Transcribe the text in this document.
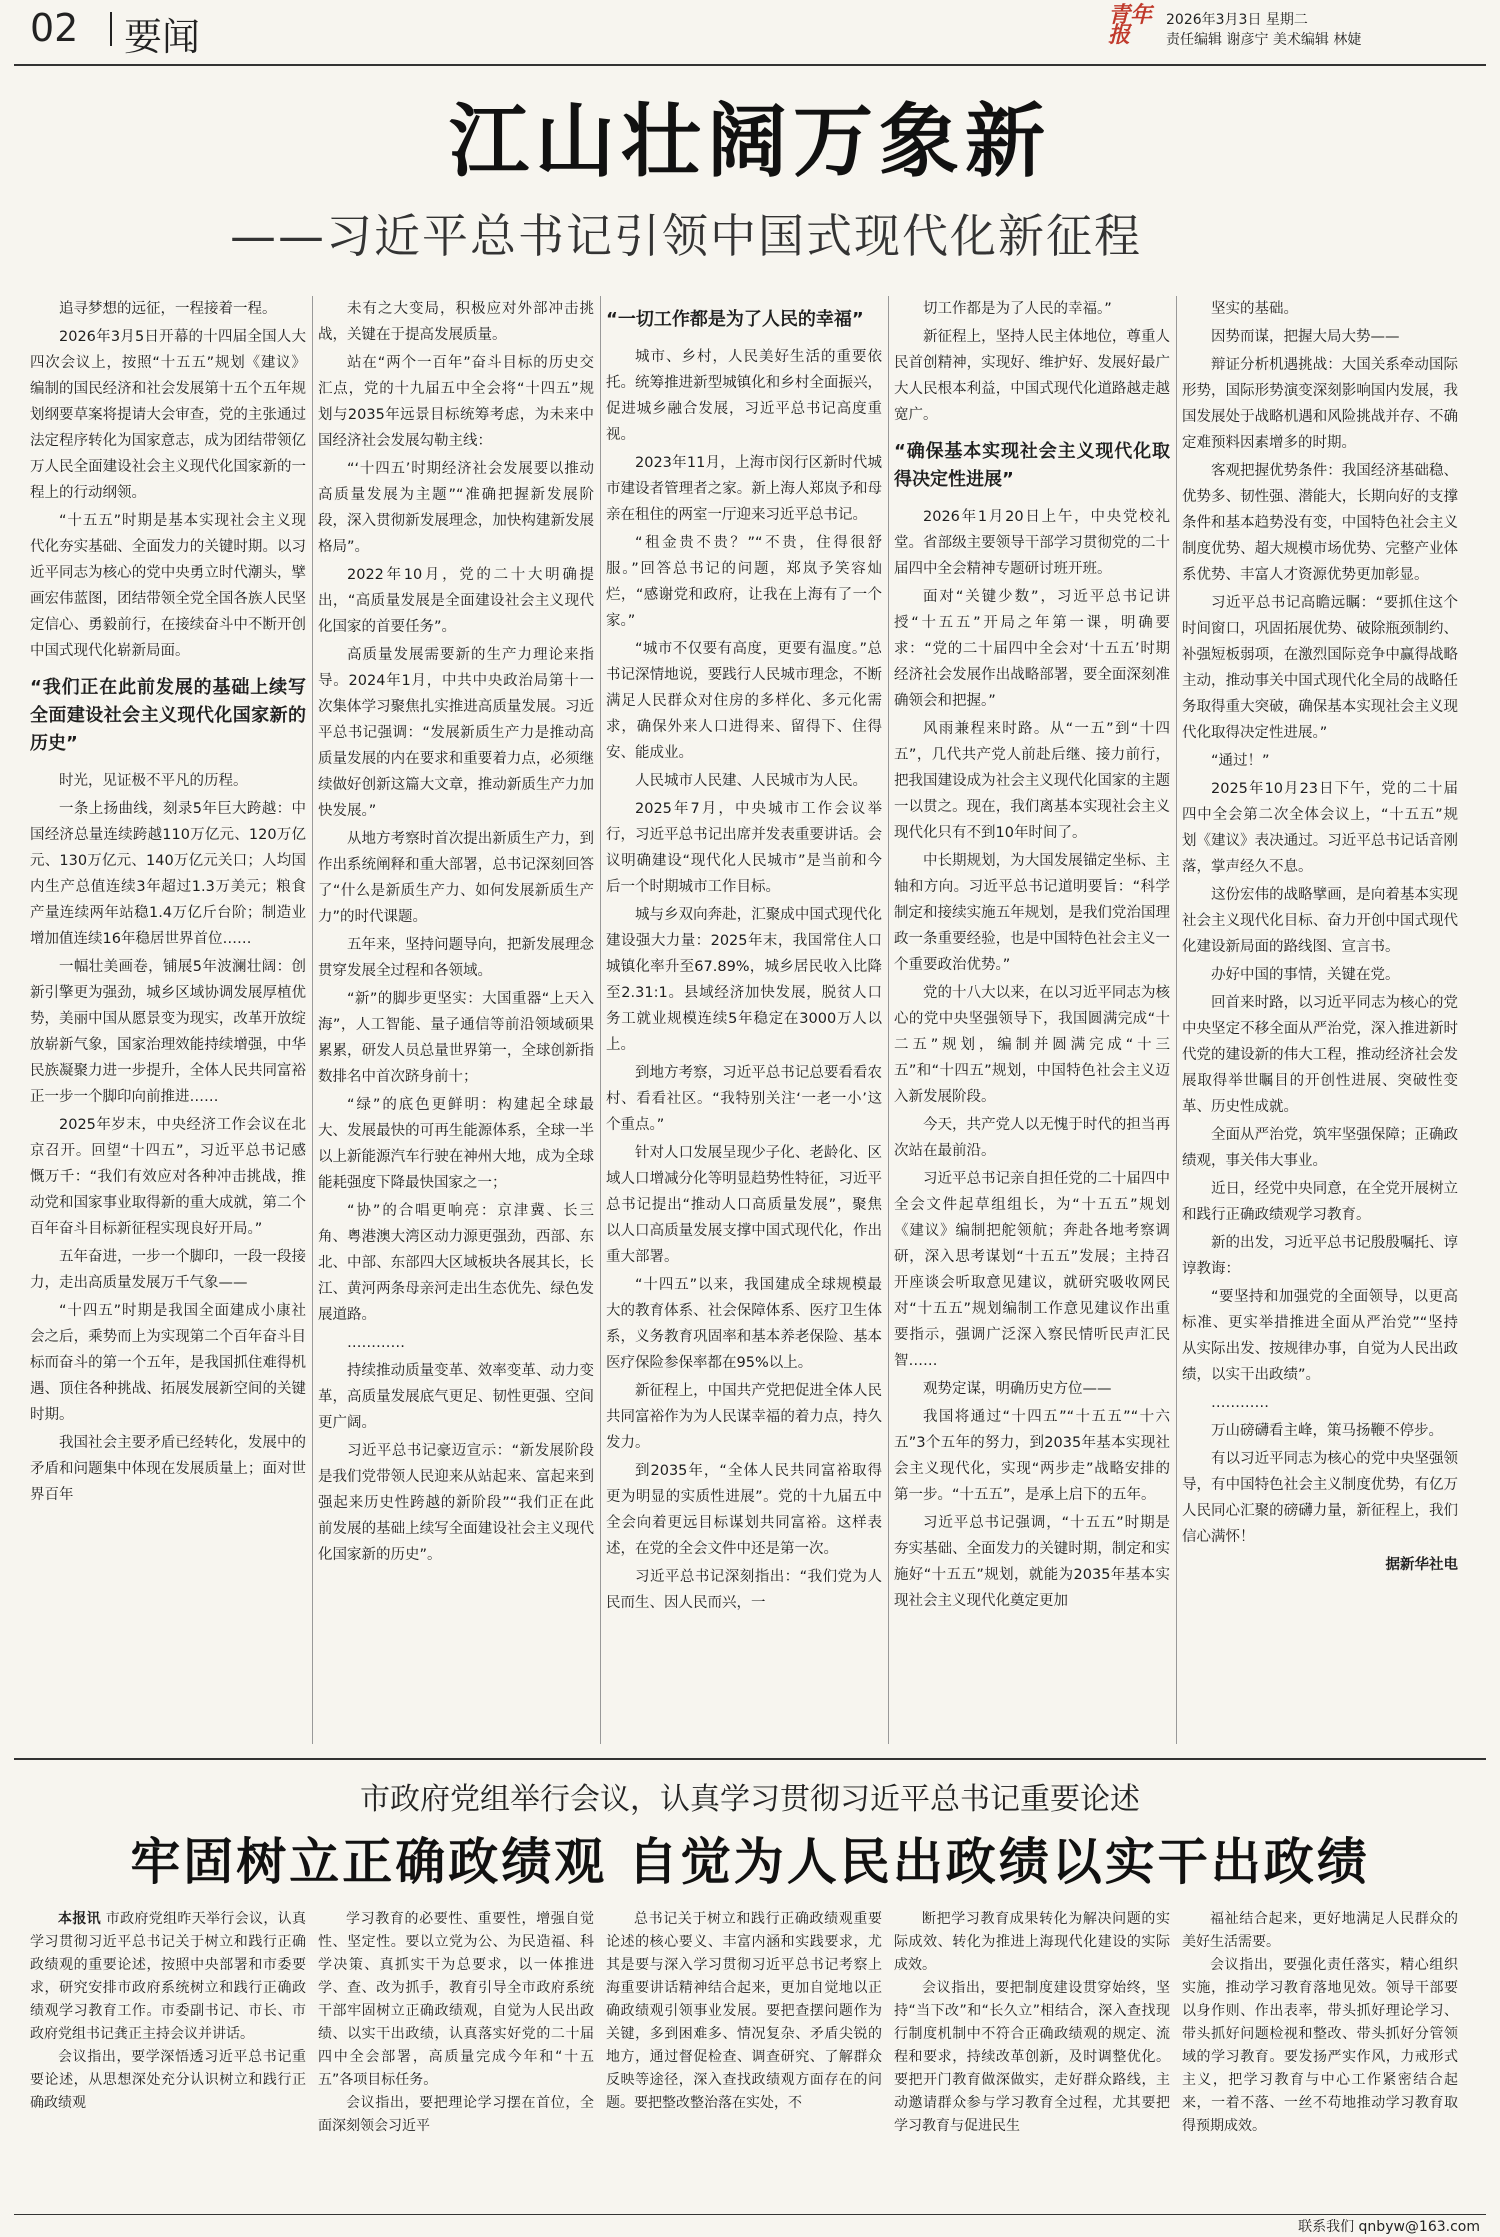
02 要闻	青年报
2026年3月3日 星期二
责任编辑 谢彦宁 美术编辑 林婕
江山壮阔万象新
——习近平总书记引领中国式现代化新征程

追寻梦想的远征，一程接着一程。

2026年3月5日开幕的十四届全国人大四次会议上，按照“十五五”规划《建议》编制的国民经济和社会发展第十五个五年规划纲要草案将提请大会审查，党的主张通过法定程序转化为国家意志，成为团结带领亿万人民全面建设社会主义现代化国家新的一程上的行动纲领。

“十五五”时期是基本实现社会主义现代化夯实基础、全面发力的关键时期。以习近平同志为核心的党中央勇立时代潮头，擘画宏伟蓝图，团结带领全党全国各族人民坚定信心、勇毅前行，在接续奋斗中不断开创中国式现代化崭新局面。

“我们正在此前发展的基础上续写全面建设社会主义现代化国家新的历史”

时光，见证极不平凡的历程。

一条上扬曲线，刻录5年巨大跨越：中国经济总量连续跨越110万亿元、120万亿元、130万亿元、140万亿元关口；人均国内生产总值连续3年超过1.3万美元；粮食产量连续两年站稳1.4万亿斤台阶；制造业增加值连续16年稳居世界首位……

一幅壮美画卷，铺展5年波澜壮阔：创新引擎更为强劲，城乡区域协调发展厚植优势，美丽中国从愿景变为现实，改革开放绽放崭新气象，国家治理效能持续增强，中华民族凝聚力进一步提升，全体人民共同富裕正一步一个脚印向前推进……

2025年岁末，中央经济工作会议在北京召开。回望“十四五”，习近平总书记感慨万千：“我们有效应对各种冲击挑战，推动党和国家事业取得新的重大成就，第二个百年奋斗目标新征程实现良好开局。”

五年奋进，一步一个脚印，一段一段接力，走出高质量发展万千气象——

“十四五”时期是我国全面建成小康社会之后，乘势而上为实现第二个百年奋斗目标而奋斗的第一个五年，是我国抓住难得机遇、顶住各种挑战、拓展发展新空间的关键时期。

我国社会主要矛盾已经转化，发展中的矛盾和问题集中体现在发展质量上；面对世界百年

未有之大变局，积极应对外部冲击挑战，关键在于提高发展质量。

站在“两个一百年”奋斗目标的历史交汇点，党的十九届五中全会将“十四五”规划与2035年远景目标统筹考虑，为未来中国经济社会发展勾勒主线：

“‘十四五’时期经济社会发展要以推动高质量发展为主题”“准确把握新发展阶段，深入贯彻新发展理念，加快构建新发展格局”。

2022年10月，党的二十大明确提出，“高质量发展是全面建设社会主义现代化国家的首要任务”。

高质量发展需要新的生产力理论来指导。2024年1月，中共中央政治局第十一次集体学习聚焦扎实推进高质量发展。习近平总书记强调：“发展新质生产力是推动高质量发展的内在要求和重要着力点，必须继续做好创新这篇大文章，推动新质生产力加快发展。”

从地方考察时首次提出新质生产力，到作出系统阐释和重大部署，总书记深刻回答了“什么是新质生产力、如何发展新质生产力”的时代课题。

五年来，坚持问题导向，把新发展理念贯穿发展全过程和各领域。

“新”的脚步更坚实：大国重器“上天入海”，人工智能、量子通信等前沿领域硕果累累，研发人员总量世界第一，全球创新指数排名中首次跻身前十；

“绿”的底色更鲜明：构建起全球最大、发展最快的可再生能源体系，全球一半以上新能源汽车行驶在神州大地，成为全球能耗强度下降最快国家之一；

“协”的合唱更响亮：京津冀、长三角、粤港澳大湾区动力源更强劲，西部、东北、中部、东部四大区域板块各展其长，长江、黄河两条母亲河走出生态优先、绿色发展道路。

…………

持续推动质量变革、效率变革、动力变革，高质量发展底气更足、韧性更强、空间更广阔。

习近平总书记豪迈宣示：“新发展阶段是我们党带领人民迎来从站起来、富起来到强起来历史性跨越的新阶段”“我们正在此前发展的基础上续写全面建设社会主义现代化国家新的历史”。

“一切工作都是为了人民的幸福”

城市、乡村，人民美好生活的重要依托。统筹推进新型城镇化和乡村全面振兴，促进城乡融合发展，习近平总书记高度重视。

2023年11月，上海市闵行区新时代城市建设者管理者之家。新上海人郑岚予和母亲在租住的两室一厅迎来习近平总书记。

“租金贵不贵？”“不贵，住得很舒服。”回答总书记的问题，郑岚予笑容灿烂，“感谢党和政府，让我在上海有了一个家。”

“城市不仅要有高度，更要有温度。”总书记深情地说，要践行人民城市理念，不断满足人民群众对住房的多样化、多元化需求，确保外来人口进得来、留得下、住得安、能成业。

人民城市人民建、人民城市为人民。

2025年7月，中央城市工作会议举行，习近平总书记出席并发表重要讲话。会议明确建设“现代化人民城市”是当前和今后一个时期城市工作目标。

城与乡双向奔赴，汇聚成中国式现代化建设强大力量：2025年末，我国常住人口城镇化率升至67.89%，城乡居民收入比降至2.31:1。县域经济加快发展，脱贫人口务工就业规模连续5年稳定在3000万人以上。

到地方考察，习近平总书记总要看看农村、看看社区。“我特别关注‘一老一小’这个重点。”

针对人口发展呈现少子化、老龄化、区域人口增减分化等明显趋势性特征，习近平总书记提出“推动人口高质量发展”，聚焦以人口高质量发展支撑中国式现代化，作出重大部署。

“十四五”以来，我国建成全球规模最大的教育体系、社会保障体系、医疗卫生体系，义务教育巩固率和基本养老保险、基本医疗保险参保率都在95%以上。

新征程上，中国共产党把促进全体人民共同富裕作为为人民谋幸福的着力点，持久发力。

到2035年，“全体人民共同富裕取得更为明显的实质性进展”。党的十九届五中全会向着更远目标谋划共同富裕。这样表述，在党的全会文件中还是第一次。

习近平总书记深刻指出：“我们党为人民而生、因人民而兴，一

切工作都是为了人民的幸福。”

新征程上，坚持人民主体地位，尊重人民首创精神，实现好、维护好、发展好最广大人民根本利益，中国式现代化道路越走越宽广。

“确保基本实现社会主义现代化取得决定性进展”

2026年1月20日上午，中央党校礼堂。省部级主要领导干部学习贯彻党的二十届四中全会精神专题研讨班开班。

面对“关键少数”，习近平总书记讲授“十五五”开局之年第一课，明确要求：“党的二十届四中全会对‘十五五’时期经济社会发展作出战略部署，要全面深刻准确领会和把握。”

风雨兼程来时路。从“一五”到“十四五”，几代共产党人前赴后继、接力前行，把我国建设成为社会主义现代化国家的主题一以贯之。现在，我们离基本实现社会主义现代化只有不到10年时间了。

中长期规划，为大国发展锚定坐标、主轴和方向。习近平总书记道明要旨：“科学制定和接续实施五年规划，是我们党治国理政一条重要经验，也是中国特色社会主义一个重要政治优势。”

党的十八大以来，在以习近平同志为核心的党中央坚强领导下，我国圆满完成“十二五”规划，编制并圆满完成“十三五”和“十四五”规划，中国特色社会主义迈入新发展阶段。

今天，共产党人以无愧于时代的担当再次站在最前沿。

习近平总书记亲自担任党的二十届四中全会文件起草组组长，为“十五五”规划《建议》编制把舵领航；奔赴各地考察调研，深入思考谋划“十五五”发展；主持召开座谈会听取意见建议，就研究吸收网民对“十五五”规划编制工作意见建议作出重要指示，强调广泛深入察民情听民声汇民智……

观势定谋，明确历史方位——

我国将通过“十四五”“十五五”“十六五”3个五年的努力，到2035年基本实现社会主义现代化，实现“两步走”战略安排的第一步。“十五五”，是承上启下的五年。

习近平总书记强调，“十五五”时期是夯实基础、全面发力的关键时期，制定和实施好“十五五”规划，就能为2035年基本实现社会主义现代化奠定更加

坚实的基础。

因势而谋，把握大局大势——

辩证分析机遇挑战：大国关系牵动国际形势，国际形势演变深刻影响国内发展，我国发展处于战略机遇和风险挑战并存、不确定难预料因素增多的时期。

客观把握优势条件：我国经济基础稳、优势多、韧性强、潜能大，长期向好的支撑条件和基本趋势没有变，中国特色社会主义制度优势、超大规模市场优势、完整产业体系优势、丰富人才资源优势更加彰显。

习近平总书记高瞻远瞩：“要抓住这个时间窗口，巩固拓展优势、破除瓶颈制约、补强短板弱项，在激烈国际竞争中赢得战略主动，推动事关中国式现代化全局的战略任务取得重大突破，确保基本实现社会主义现代化取得决定性进展。”

“通过！”

2025年10月23日下午，党的二十届四中全会第二次全体会议上，“十五五”规划《建议》表决通过。习近平总书记话音刚落，掌声经久不息。

这份宏伟的战略擘画，是向着基本实现社会主义现代化目标、奋力开创中国式现代化建设新局面的路线图、宣言书。

办好中国的事情，关键在党。

回首来时路，以习近平同志为核心的党中央坚定不移全面从严治党，深入推进新时代党的建设新的伟大工程，推动经济社会发展取得举世瞩目的开创性进展、突破性变革、历史性成就。

全面从严治党，筑牢坚强保障；正确政绩观，事关伟大事业。

近日，经党中央同意，在全党开展树立和践行正确政绩观学习教育。

新的出发，习近平总书记殷殷嘱托、谆谆教诲：

“要坚持和加强党的全面领导，以更高标准、更实举措推进全面从严治党”“坚持从实际出发、按规律办事，自觉为人民出政绩，以实干出政绩”。

…………

万山磅礴看主峰，策马扬鞭不停步。

有以习近平同志为核心的党中央坚强领导，有中国特色社会主义制度优势，有亿万人民同心汇聚的磅礴力量，新征程上，我们信心满怀！

据新华社电

市政府党组举行会议，认真学习贯彻习近平总书记重要论述
牢固树立正确政绩观 自觉为人民出政绩以实干出政绩

本报讯 市政府党组昨天举行会议，认真学习贯彻习近平总书记关于树立和践行正确政绩观的重要论述，按照中央部署和市委要求，研究安排市政府系统树立和践行正确政绩观学习教育工作。市委副书记、市长、市政府党组书记龚正主持会议并讲话。

会议指出，要学深悟透习近平总书记重要论述，从思想深处充分认识树立和践行正确政绩观

学习教育的必要性、重要性，增强自觉性、坚定性。要以立党为公、为民造福、科学决策、真抓实干为总要求，以一体推进学、查、改为抓手，教育引导全市政府系统干部牢固树立正确政绩观，自觉为人民出政绩、以实干出政绩，认真落实好党的二十届四中全会部署，高质量完成今年和“十五五”各项目标任务。

会议指出，要把理论学习摆在首位，全面深刻领会习近平

总书记关于树立和践行正确政绩观重要论述的核心要义、丰富内涵和实践要求，尤其是要与深入学习贯彻习近平总书记考察上海重要讲话精神结合起来，更加自觉地以正确政绩观引领事业发展。要把查摆问题作为关键，多到困难多、情况复杂、矛盾尖锐的地方，通过督促检查、调查研究、了解群众反映等途径，深入查找政绩观方面存在的问题。要把整改整治落在实处，不

断把学习教育成果转化为解决问题的实际成效、转化为推进上海现代化建设的实际成效。

会议指出，要把制度建设贯穿始终，坚持“当下改”和“长久立”相结合，深入查找现行制度机制中不符合正确政绩观的规定、流程和要求，持续改革创新，及时调整优化。要把开门教育做深做实，走好群众路线，主动邀请群众参与学习教育全过程，尤其要把学习教育与促进民生

福祉结合起来，更好地满足人民群众的美好生活需要。

会议指出，要强化责任落实，精心组织实施，推动学习教育落地见效。领导干部要以身作则、作出表率，带头抓好理论学习、带头抓好问题检视和整改、带头抓好分管领域的学习教育。要发扬严实作风，力戒形式主义，把学习教育与中心工作紧密结合起来，一着不落、一丝不苟地推动学习教育取得预期成效。

联系我们 qnbyw@163.com
